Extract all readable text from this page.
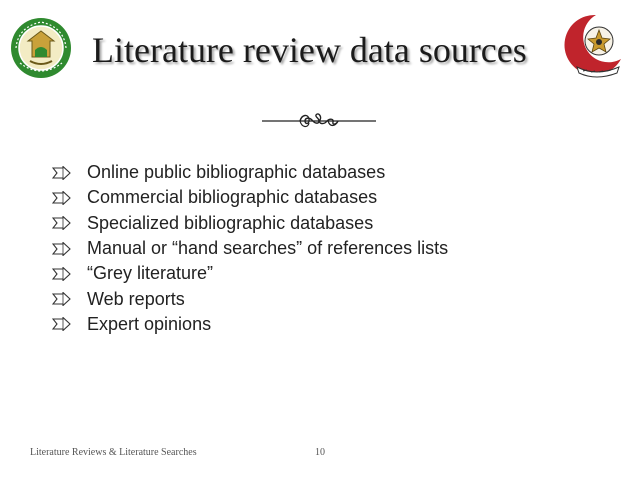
Literature review data sources
Online public bibliographic databases
Commercial bibliographic databases
Specialized bibliographic databases
Manual or “hand searches” of references lists
“Grey literature”
Web reports
Expert opinions
Literature Reviews & Literature Searches	10
